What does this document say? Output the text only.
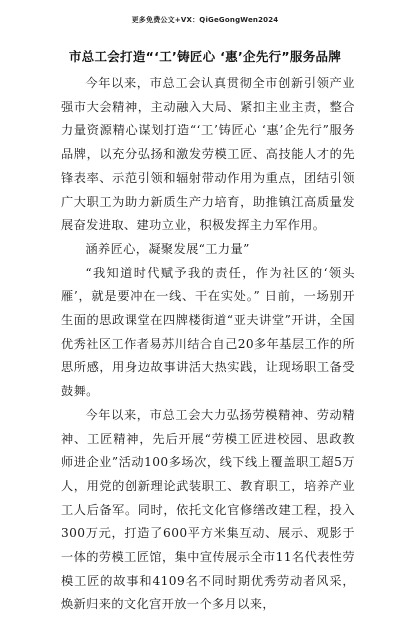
更多免费公文+VX：QiGeGongWen2024
市总工会打造“‘工’铸匠心 ‘惠’企先行”服务品牌

今年以来，市总工会认真贯彻全市创新引领产业强市大会精神，主动融入大局、紧扣主业主责，整合力量资源精心谋划打造“‘工’铸匠心 ‘惠’企先行”服务品牌，以充分弘扬和激发劳模工匠、高技能人才的先锋表率、示范引领和辐射带动作用为重点，团结引领广大职工为助力新质生产力培育，助推镇江高质量发展奋发进取、建功立业，积极发挥主力军作用。

涵养匠心，凝聚发展“工力量”

“我知道时代赋予我的责任，作为社区的‘领头雁’，就是要冲在一线、干在实处。” 日前，一场别开生面的思政课堂在四牌楼街道“亚夫讲堂”开讲，全国优秀社区工作者易苏川结合自己20多年基层工作的所思所感，用身边故事讲活大热实践，让现场职工备受鼓舞。

今年以来，市总工会大力弘扬劳模精神、劳动精神、工匠精神，先后开展“劳模工匠进校园、思政教师进企业”活动100多场次，线下线上覆盖职工超5万人，用党的创新理论武装职工、教育职工，培养产业工人后备军。同时，依托文化官修缮改建工程，投入300万元，打造了600平方米集互动、展示、观影于一体的劳模工匠馆，集中宣传展示全市11名代表性劳模工匠的故事和4109名不同时期优秀劳动者风采，焕新归来的文化宫开放一个多月以来，
